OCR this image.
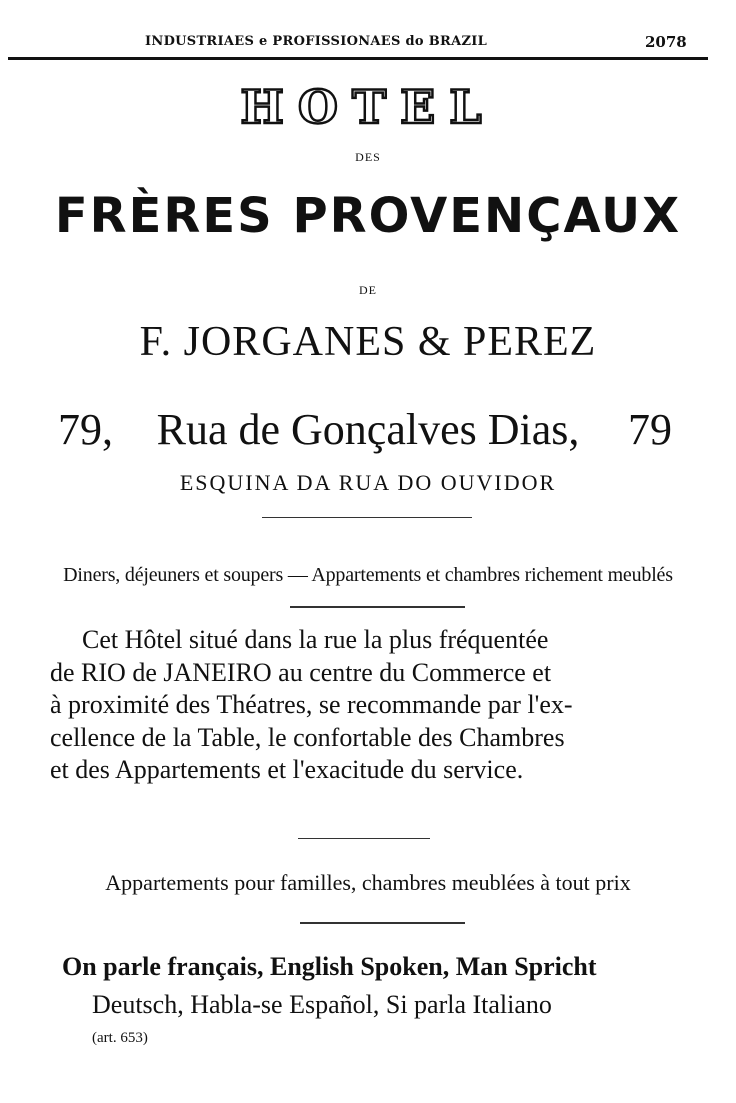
INDUSTRIAES e PROFISSIONAES do BRAZIL	2078
HOTEL
DES
FRÈRES PROVENÇAUX
DE
F. JORGANES & PEREZ
79, Rua de Gonçalves Dias, 79
ESQUINA DA RUA DO OUVIDOR
Diners, déjeuners et soupers — Appartements et chambres richement meublés
Cet Hôtel situé dans la rue la plus fréquentée
de RIO de JANEIRO au centre du Commerce et
à proximité des Théatres, se recommande par l'ex-
cellence de la Table, le confortable des Chambres
et des Appartements et l'exacitude du service.
Appartements pour familles, chambres meublées à tout prix
On parle français, English Spoken, Man Spricht
Deutsch, Habla-se Español, Si parla Italiano
(art. 653)
